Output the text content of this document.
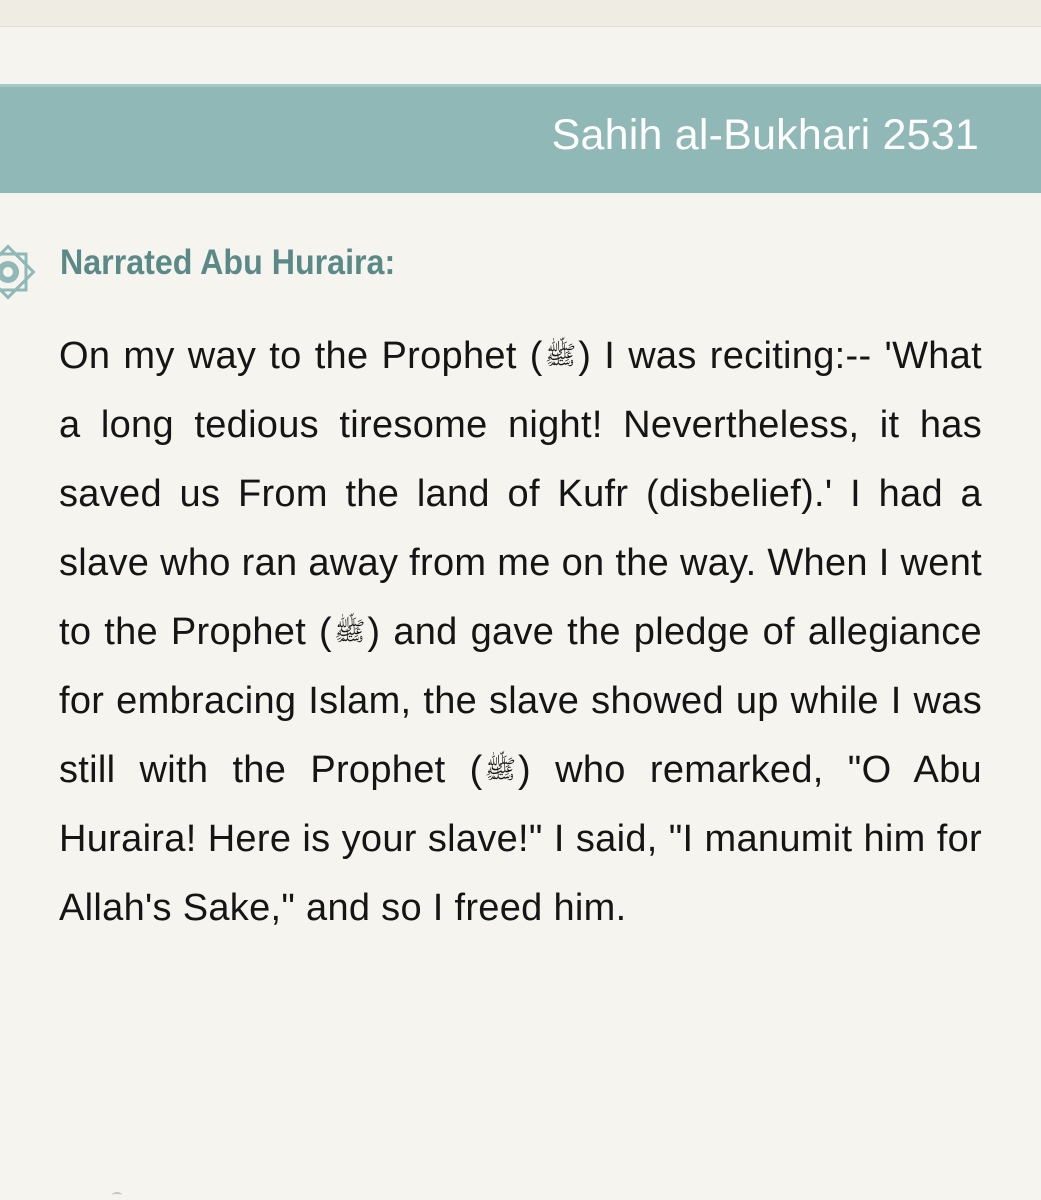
Sahih al-Bukhari 2531
Narrated Abu Huraira:

On my way to the Prophet (ﷺ) I was reciting:-- 'What a long tedious tiresome night! Nevertheless, it has saved us From the land of Kufr (disbelief).' I had a slave who ran away from me on the way. When I went to the Prophet (ﷺ) and gave the pledge of allegiance for embracing Islam, the slave showed up while I was still with the Prophet (ﷺ) who remarked, "O Abu Huraira! Here is your slave!" I said, "I manumit him for Allah's Sake," and so I freed him.
